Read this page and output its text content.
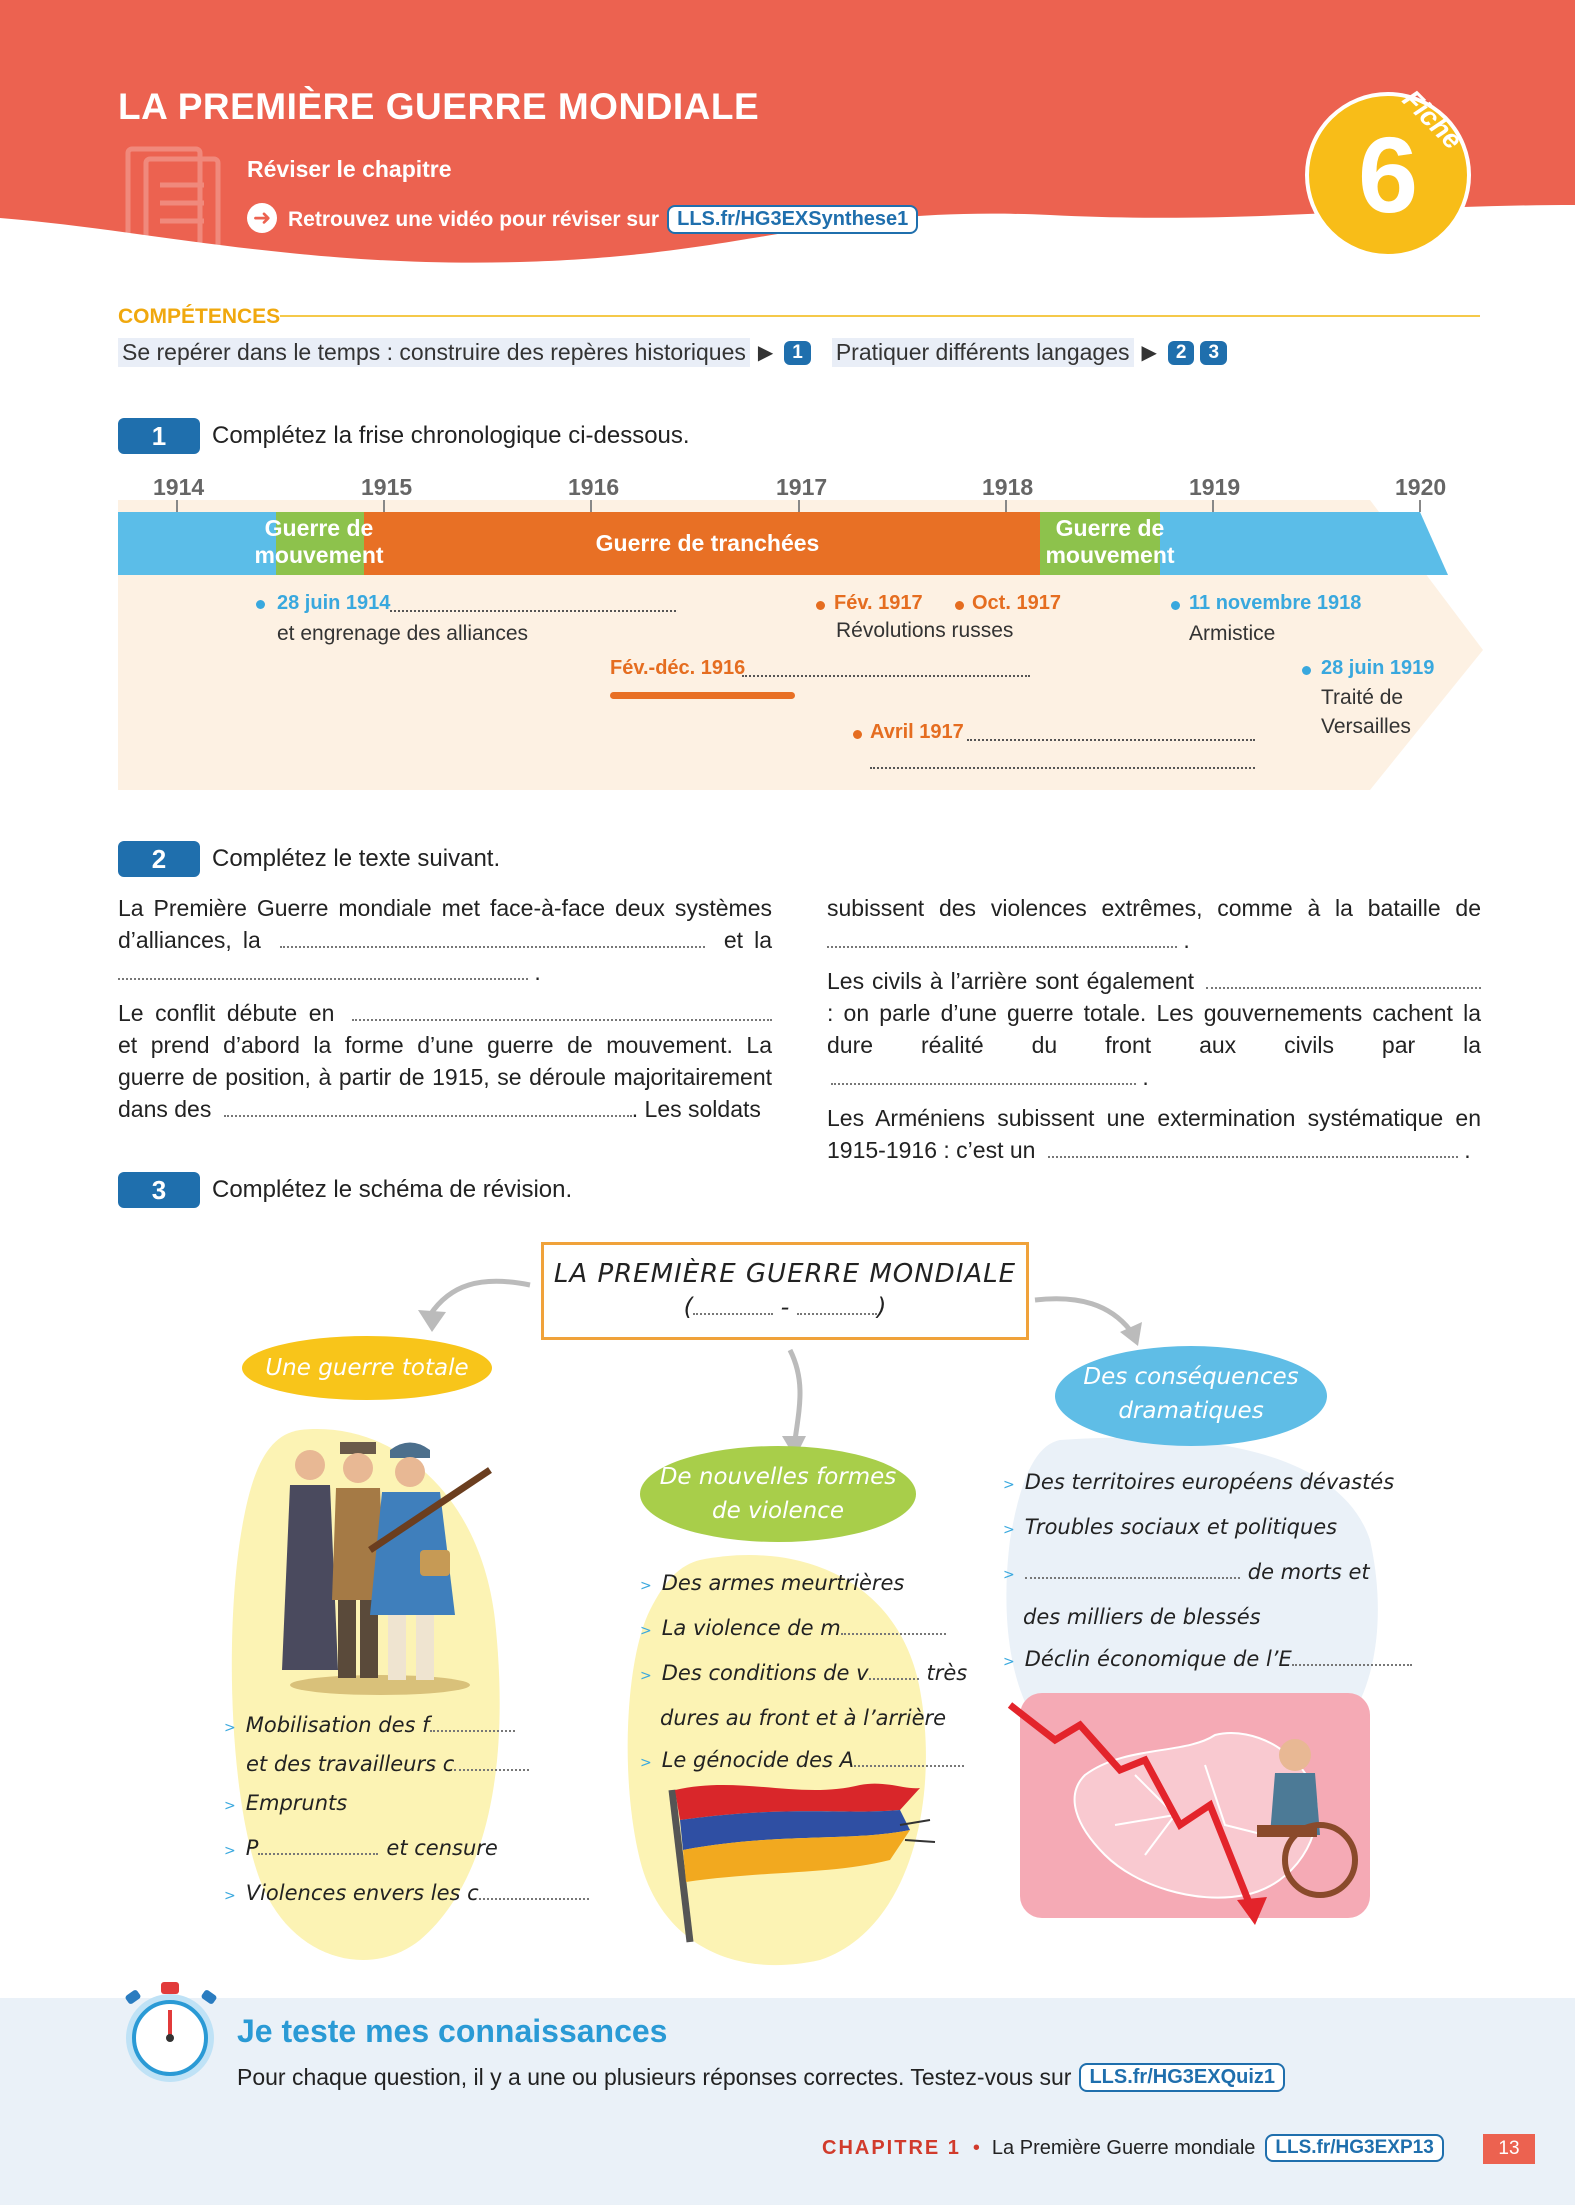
LA PREMIÈRE GUERRE MONDIALE
Réviser le chapitre
➜ Retrouvez une vidéo pour réviser sur LLS.fr/HG3EXSynthese1	6
Fiche
COMPÉTENCES
Se repérer dans le temps : construire des repères historiques ▶	1	Pratiquer différents langages ▶	2	3
1	Complétez la frise chronologique ci-dessous.
1914	1915	1916	1917	1918	1919	1920
Guerre de mouvement	Guerre de tranchées
Guerre de mouvement
28 juin 1914
et engrenage des alliances
Fév.-déc. 1916
Fév. 1917 Oct. 1917
Révolutions russes
Avril 1917
11 novembre 1918
Armistice
28 juin 1919
Traité de
Versailles
2	Complétez le texte suivant.
La Première Guerre mondiale met face-à-face deux systèmes d’alliances, la	et la  .
Le conflit débute en  et prend d’abord la forme d’une guerre de mouvement. La guerre de position, à partir de 1915, se déroule majoritairement dans des	. Les soldats
subissent des violences extrêmes, comme à la bataille de  .
Les civils à l’arrière sont également  : on parle d’une guerre totale. Les gouvernements cachent la dure réalité du front aux civils par la  .
Les Arméniens subissent une extermination systématique en 1915-1916 : c’est un	.
3	Complétez le schéma de révision.
LA PREMIÈRE GUERRE MONDIALE
(	-	)
Une guerre totale
> Mobilisation des f
et des travailleurs c
> Emprunts
> P	et censure
> Violences envers les c
De nouvelles formes
de violence
> Des armes meurtrières
> La violence de m
> Des conditions de v	très
dures au front et à l’arrière
> Le génocide des A
Des conséquences
dramatiques
> Des territoires européens dévastés
> Troubles sociaux et politiques
>	de morts et
des milliers de blessés
> Déclin économique de l’E
Je teste mes connaissances
Pour chaque question, il y a une ou plusieurs réponses correctes. Testez-vous sur LLS.fr/HG3EXQuiz1
CHAPITRE 1 • La Première Guerre mondiale	LLS.fr/HG3EXP13	13
